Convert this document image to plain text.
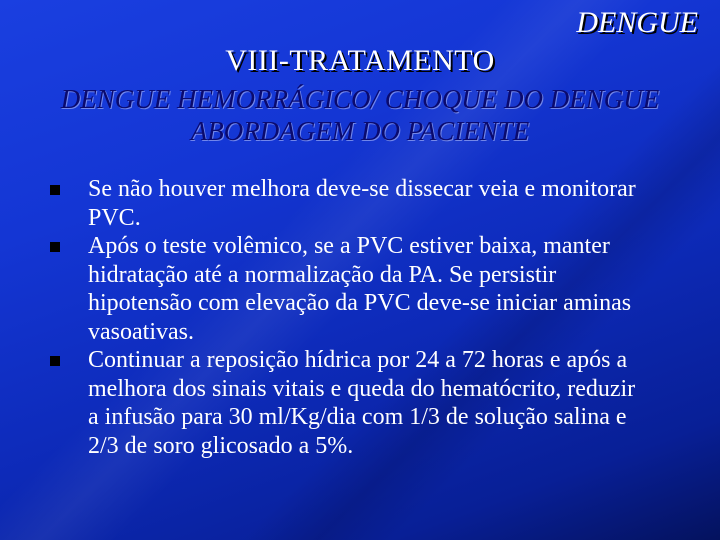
DENGUE
VIII-TRATAMENTO
DENGUE HEMORRÁGICO/ CHOQUE DO DENGUE
ABORDAGEM DO PACIENTE
Se não houver melhora deve-se dissecar veia e monitorar PVC.
Após o teste volêmico, se a PVC estiver baixa, manter hidratação até a normalização da PA. Se persistir hipotensão com elevação da PVC deve-se iniciar aminas vasoativas.
Continuar a reposição hídrica por 24 a 72 horas e após a melhora dos sinais vitais e queda do hematócrito, reduzir a infusão para 30 ml/Kg/dia com 1/3 de solução salina e 2/3 de soro glicosado a 5%.
